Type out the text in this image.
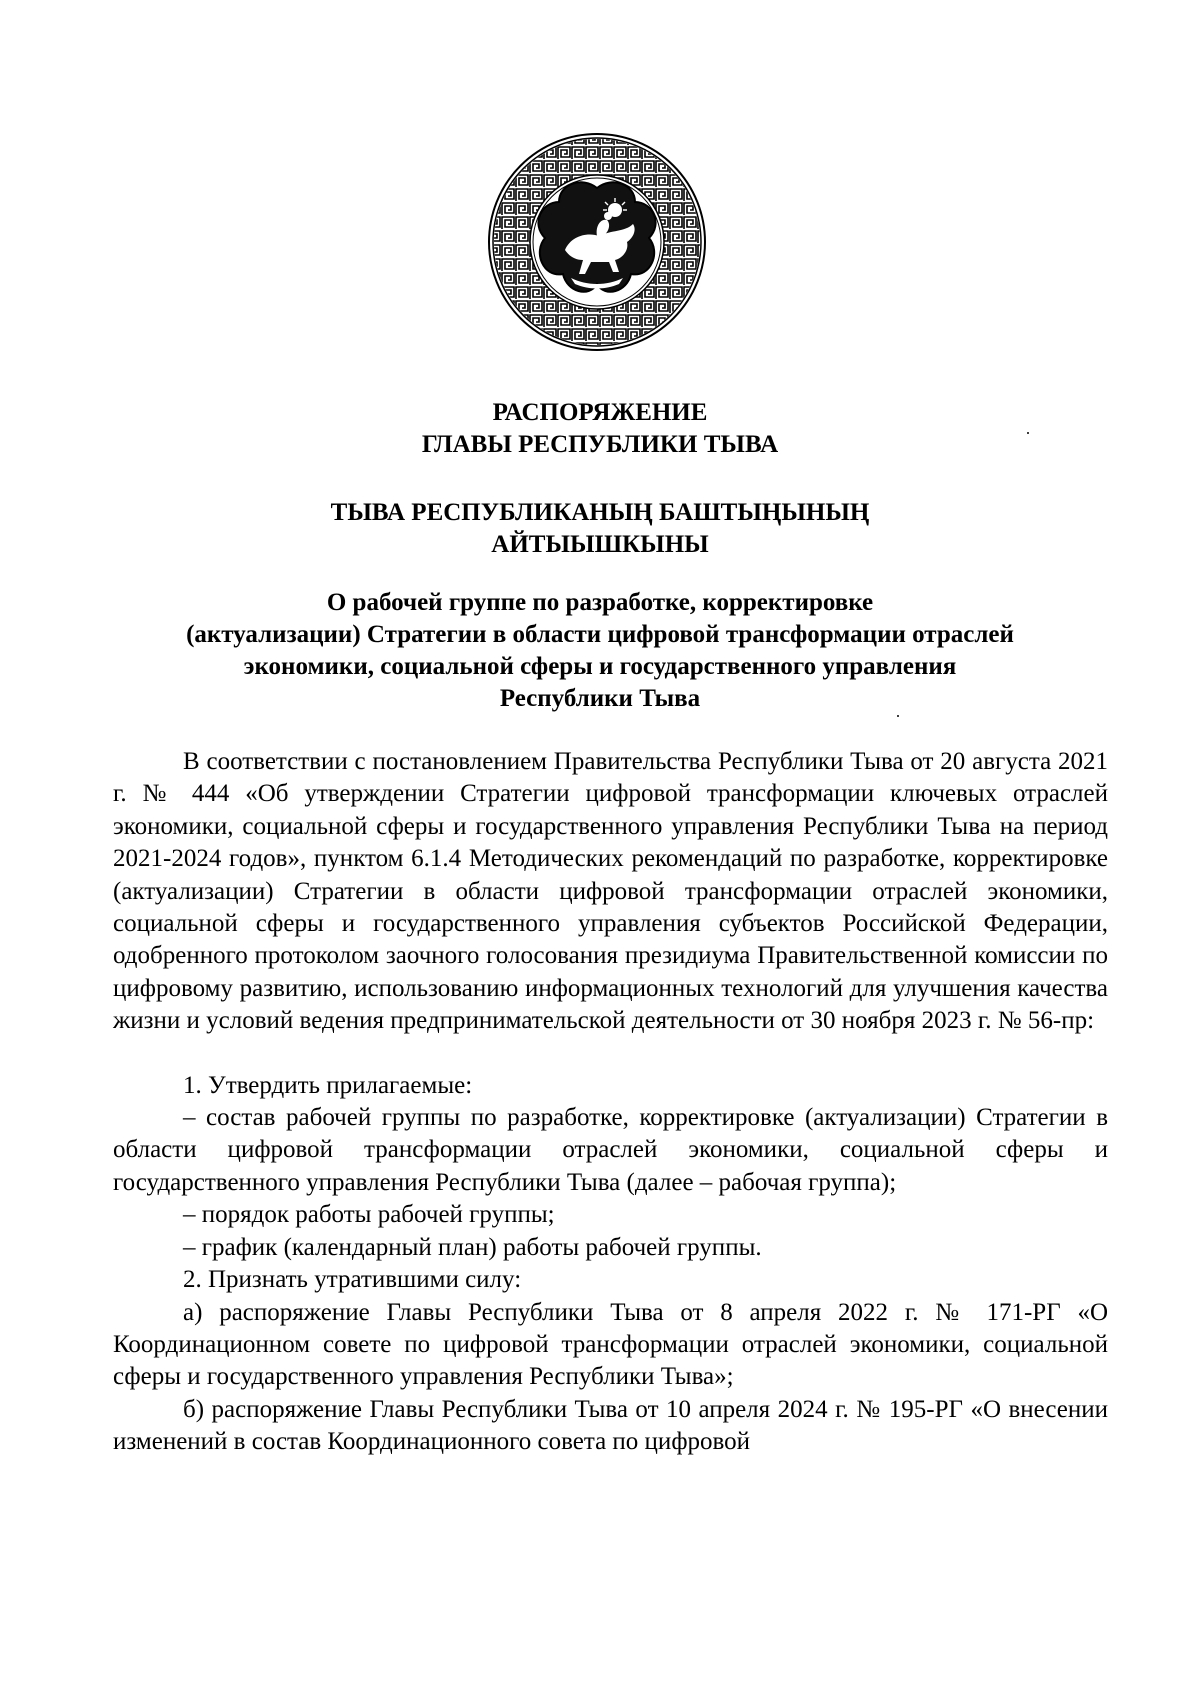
РАСПОРЯЖЕНИЕ
ГЛАВЫ РЕСПУБЛИКИ ТЫВА
ТЫВА РЕСПУБЛИКАНЫҢ БАШТЫҢЫНЫҢ
АЙТЫЫШКЫНЫ
О рабочей группе по разработке, корректировке
(актуализации) Стратегии в области цифровой трансформации отраслей
экономики, социальной сферы и государственного управления
Республики Тыва

В соответствии с постановлением Правительства Республики Тыва от 20 августа 2021 г. № 444 «Об утверждении Стратегии цифровой трансформации ключевых отраслей экономики, социальной сферы и государственного управления Республики Тыва на период 2021-2024 годов», пунктом 6.1.4 Методических рекомендаций по разработке, корректировке (актуализации) Стратегии в области цифровой трансформации отраслей экономики, социальной сферы и государственного управления субъектов Российской Федерации, одобренного протоколом заочного голосования президиума Правительственной комиссии по цифровому развитию, использованию информационных технологий для улучшения качества жизни и условий ведения предпринимательской деятельности от 30 ноября 2023 г. № 56-пр:

1. Утвердить прилагаемые:

– состав рабочей группы по разработке, корректировке (актуализации) Стратегии в области цифровой трансформации отраслей экономики, социальной сферы и государственного управления Республики Тыва (далее – рабочая группа);

– порядок работы рабочей группы;

– график (календарный план) работы рабочей группы.

2. Признать утратившими силу:

а) распоряжение Главы Республики Тыва от 8 апреля 2022 г. № 171-РГ «О Координационном совете по цифровой трансформации отраслей экономики, социальной сферы и государственного управления Республики Тыва»;

б) распоряжение Главы Республики Тыва от 10 апреля 2024 г. № 195-РГ «О внесении изменений в состав Координационного совета по цифровой
